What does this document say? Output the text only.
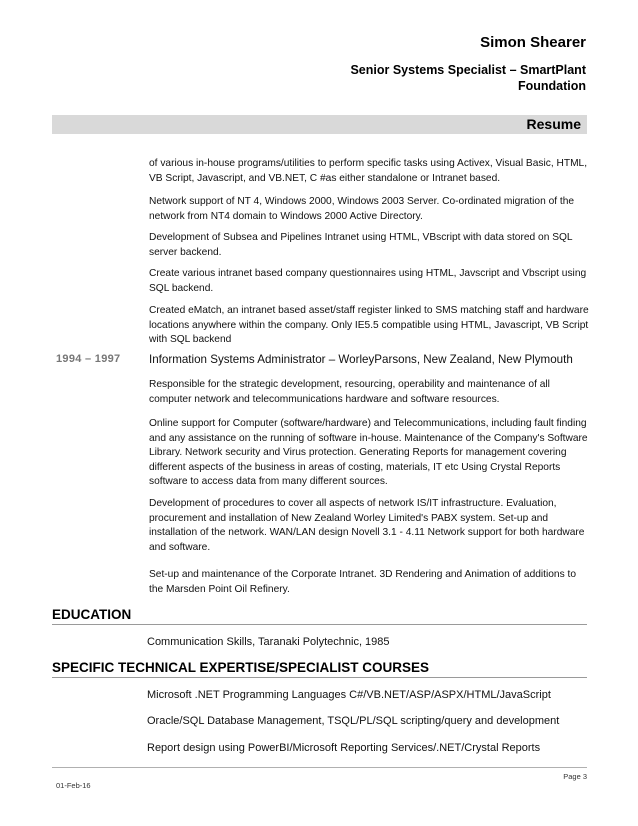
Simon Shearer
Senior Systems Specialist – SmartPlant
Foundation
Resume
of various in-house programs/utilities to perform specific tasks using Activex, Visual Basic, HTML, VB Script, Javascript, and VB.NET, C #as either standalone or Intranet based.
Network support of NT 4, Windows 2000, Windows 2003 Server. Co-ordinated migration of the network from NT4 domain to Windows 2000 Active Directory.
Development of Subsea and Pipelines Intranet using HTML, VBscript with data stored on SQL server backend.
Create various intranet based company questionnaires using HTML, Javscript and Vbscript using SQL backend.
Created eMatch, an intranet based asset/staff register linked to SMS matching staff and hardware locations anywhere within the company. Only IE5.5 compatible using HTML, Javascript, VB Script with SQL backend
1994 – 1997 Information Systems Administrator – WorleyParsons, New Zealand, New Plymouth
Responsible for the strategic development, resourcing, operability and maintenance of all computer network and telecommunications hardware and software resources.
Online support for Computer (software/hardware) and Telecommunications, including fault finding and any assistance on the running of software in-house. Maintenance of the Company's Software Library. Network security and Virus protection. Generating Reports for management covering different aspects of the business in areas of costing, materials, IT etc Using Crystal Reports software to access data from many different sources.
Development of procedures to cover all aspects of network IS/IT infrastructure. Evaluation, procurement and installation of New Zealand Worley Limited's PABX system. Set-up and installation of the network. WAN/LAN design Novell 3.1 - 4.11 Network support for both hardware and software.
Set-up and maintenance of the Corporate Intranet. 3D Rendering and Animation of additions to the Marsden Point Oil Refinery.
EDUCATION
Communication Skills, Taranaki Polytechnic, 1985
SPECIFIC TECHNICAL EXPERTISE/SPECIALIST COURSES
Microsoft .NET Programming Languages C#/VB.NET/ASP/ASPX/HTML/JavaScript
Oracle/SQL Database Management, TSQL/PL/SQL scripting/query and development
Report design using PowerBI/Microsoft Reporting Services/.NET/Crystal Reports
Page 3
01-Feb-16
